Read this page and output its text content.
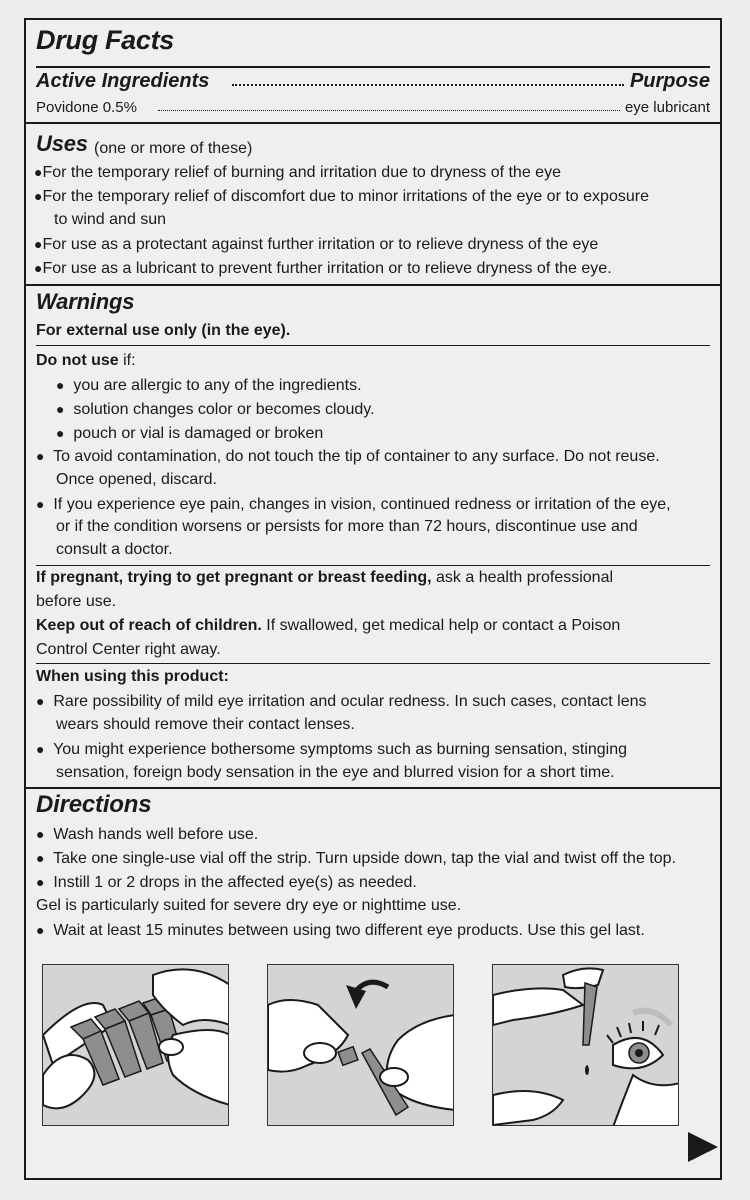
Drug Facts
Active Ingredients	Purpose
Povidone 0.5%	eye lubricant
Uses (one or more of these)
●For the temporary relief of burning and irritation due to dryness of the eye
●For the temporary relief of discomfort due to minor irritations of the eye or to exposure
to wind and sun
●For use as a protectant against further irritation or to relieve dryness of the eye
●For use as a lubricant to prevent further irritation or to relieve dryness of the eye.
Warnings
For external use only (in the eye).
Do not use if:
● you are allergic to any of the ingredients.
● solution changes color or becomes cloudy.
● pouch or vial is damaged or broken
● To avoid contamination, do not touch the tip of container to any surface. Do not reuse.
Once opened, discard.
● If you experience eye pain, changes in vision, continued redness or irritation of the eye,
or if the condition worsens or persists for more than 72 hours, discontinue use and
consult a doctor.
If pregnant, trying to get pregnant or breast feeding, ask a health professional
before use.
Keep out of reach of children. If swallowed, get medical help or contact a Poison
Control Center right away.
When using this product:
● Rare possibility of mild eye irritation and ocular redness. In such cases, contact lens
wears should remove their contact lenses.
● You might experience bothersome symptoms such as burning sensation, stinging
sensation, foreign body sensation in the eye and blurred vision for a short time.
Directions
● Wash hands well before use.
● Take one single-use vial off the strip. Turn upside down, tap the vial and twist off the top.
● Instill 1 or 2 drops in the affected eye(s) as needed.
Gel is particularly suited for severe dry eye or nighttime use.
● Wait at least 15 minutes between using two different eye products. Use this gel last.
